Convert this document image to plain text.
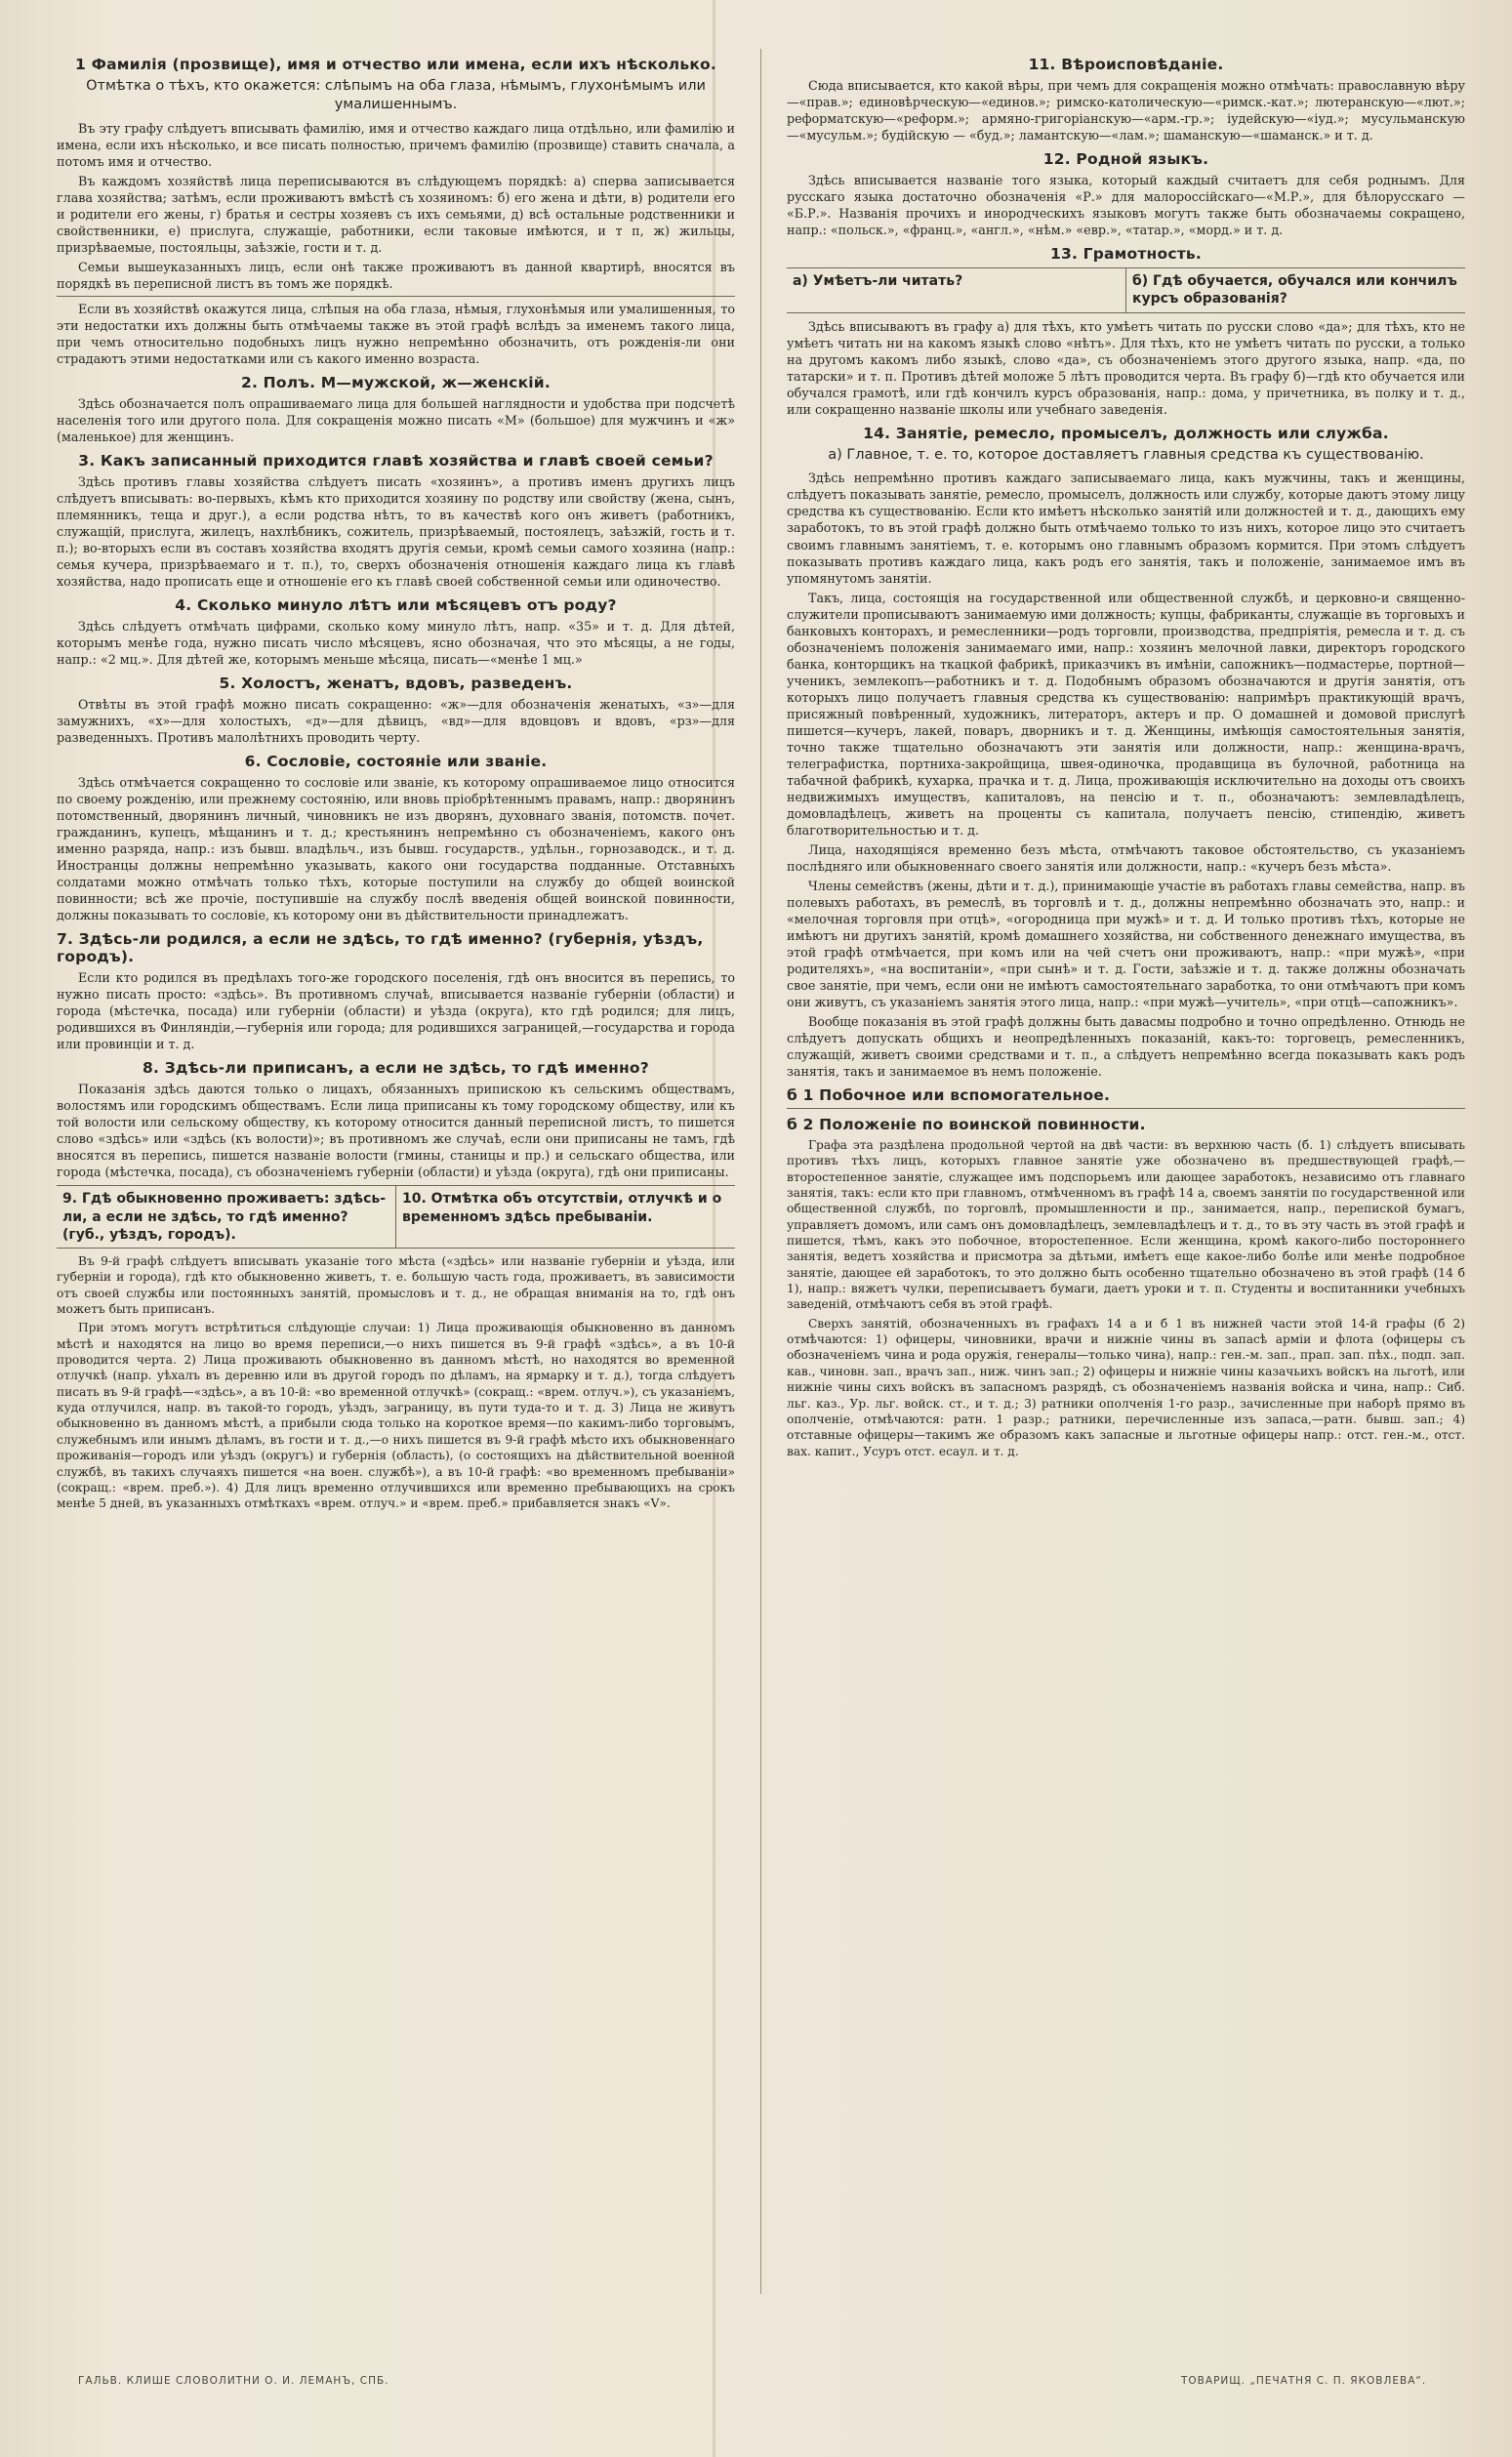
1 Фамилія (прозвище), имя и отчество или имена, если ихъ нѣсколько.
Отмѣтка о тѣхъ, кто окажется: слѣпымъ на оба глаза, нѣмымъ, глухонѣмымъ или умалишеннымъ.

Въ эту графу слѣдуетъ вписывать фамилію, имя и отчество каждаго лица отдѣльно, или фамилію и имена, если ихъ нѣсколько, и все писать полностью, причемъ фамилію (прозвище) ставить сначала, а потомъ имя и отчество.

Въ каждомъ хозяйствѣ лица переписываются въ слѣдующемъ порядкѣ: а) сперва записывается глава хозяйства; затѣмъ, если проживаютъ вмѣстѣ съ хозяиномъ: б) его жена и дѣти, в) родители его и родители его жены, г) братья и сестры хозяевъ съ ихъ семьями, д) всѣ остальные родственники и свойственники, е) прислуга, служащіе, работники, если таковые имѣются, и т п, ж) жильцы, призрѣваемые, постояльцы, заѣзжіе, гости и т. д.

Семьи вышеуказанныхъ лицъ, если онѣ также проживаютъ въ данной квартирѣ, вносятся въ порядкѣ въ переписной листъ въ томъ же порядкѣ.

Если въ хозяйствѣ окажутся лица, слѣпыя на оба глаза, нѣмыя, глухонѣмыя или умалишенныя, то эти недостатки ихъ должны быть отмѣчаемы также въ этой графѣ вслѣдъ за именемъ такого лица, при чемъ относительно подобныхъ лицъ нужно непремѣнно обозначить, отъ рожденія-ли они страдаютъ этими недостатками или съ какого именно возраста.

2. Полъ. М—мужской, ж—женскій.

Здѣсь обозначается полъ опрашиваемаго лица для большей наглядности и удобства при подсчетѣ населенія того или другого пола. Для сокращенія можно писать «М» (большое) для мужчинъ и «ж» (маленькое) для женщинъ.

3. Какъ записанный приходится главѣ хозяйства и главѣ своей семьи?

Здѣсь противъ главы хозяйства слѣдуетъ писать «хозяинъ», а противъ именъ другихъ лицъ слѣдуетъ вписывать: во-первыхъ, кѣмъ кто приходится хозяину по родству или свойству (жена, сынъ, племянникъ, теща и друг.), а если родства нѣтъ, то въ качествѣ кого онъ живетъ (работникъ, служащій, прислуга, жилецъ, нахлѣбникъ, сожитель, призрѣваемый, постоялецъ, заѣзжій, гость и т. п.); во-вторыхъ если въ составъ хозяйства входятъ другія семьи, кромѣ семьи самого хозяина (напр.: семья кучера, призрѣваемаго и т. п.), то, сверхъ обозначенія отношенія каждаго лица къ главѣ хозяйства, надо прописать еще и отношеніе его къ главѣ своей собственной семьи или одиночество.

4. Сколько минуло лѣтъ или мѣсяцевъ отъ роду?

Здѣсь слѣдуетъ отмѣчать цифрами, сколько кому минуло лѣтъ, напр. «35» и т. д. Для дѣтей, которымъ менѣе года, нужно писать число мѣсяцевъ, ясно обозначая, что это мѣсяцы, а не годы, напр.: «2 мц.». Для дѣтей же, которымъ меньше мѣсяца, писать—«менѣе 1 мц.»

5. Холостъ, женатъ, вдовъ, разведенъ.

Отвѣты въ этой графѣ можно писать сокращенно: «ж»—для обозначенія женатыхъ, «з»—для замужнихъ, «х»—для холостыхъ, «д»—для дѣвицъ, «вд»—для вдовцовъ и вдовъ, «рз»—для разведенныхъ. Противъ малолѣтнихъ проводить черту.

6. Сословіе, состояніе или званіе.

Здѣсь отмѣчается сокращенно то сословіе или званіе, къ которому опрашиваемое лицо относится по своему рожденію, или прежнему состоянію, или вновь пріобрѣтеннымъ правамъ, напр.: дворянинъ потомственный, дворянинъ личный, чиновникъ не изъ дворянъ, духовнаго званія, потомств. почет. гражданинъ, купецъ, мѣщанинъ и т. д.; крестьянинъ непремѣнно съ обозначеніемъ, какого онъ именно разряда, напр.: изъ бывш. владѣльч., изъ бывш. государств., удѣльн., горнозаводск., и т. д. Иностранцы должны непремѣнно указывать, какого они государства подданные. Отставныхъ солдатами можно отмѣчать только тѣхъ, которые поступили на службу до общей воинской повинности; всѣ же прочіе, поступившіе на службу послѣ введенія общей воинской повинности, должны показывать то сословіе, къ которому они въ дѣйствительности принадлежатъ.

7. Здѣсь-ли родился, а если не здѣсь, то гдѣ именно? (губернія, уѣздъ, городъ).

Если кто родился въ предѣлахъ того-же городского поселенія, гдѣ онъ вносится въ перепись, то нужно писать просто: «здѣсь». Въ противномъ случаѣ, вписывается названіе губерніи (области) и города (мѣстечка, посада) или губерніи (области) и уѣзда (округа), кто гдѣ родился; для лицъ, родившихся въ Финляндіи,—губернія или города; для родившихся заграницей,—государства и города или провинціи и т. д.

8. Здѣсь-ли приписанъ, а если не здѣсь, то гдѣ именно?

Показанія здѣсь даются только о лицахъ, обязанныхъ припискою къ сельскимъ обществамъ, волостямъ или городскимъ обществамъ. Если лица приписаны къ тому городскому обществу, или къ той волости или сельскому обществу, къ которому относится данный переписной листъ, то пишется слово «здѣсь» или «здѣсь (къ волости)»; въ противномъ же случаѣ, если они приписаны не тамъ, гдѣ вносятся въ перепись, пишется названіе волости (гмины, станицы и пр.) и сельскаго общества, или города (мѣстечка, посада), съ обозначеніемъ губерніи (области) и уѣзда (округа), гдѣ они приписаны.

9. Гдѣ обыкновенно проживаетъ: здѣсь-ли, а если не здѣсь, то гдѣ именно? (губ., уѣздъ, городъ).
10. Отмѣтка объ отсутствіи, отлучкѣ и о временномъ здѣсь пребываніи.

Въ 9-й графѣ слѣдуетъ вписывать указаніе того мѣста («здѣсь» или названіе губерніи и уѣзда, или губерніи и города), гдѣ кто обыкновенно живетъ, т. е. большую часть года, проживаетъ, въ зависимости отъ своей службы или постоянныхъ занятій, промысловъ и т. д., не обращая вниманія на то, гдѣ онъ можетъ быть приписанъ.

При этомъ могутъ встрѣтиться слѣдующіе случаи: 1) Лица проживающія обыкновенно въ данномъ мѣстѣ и находятся на лицо во время переписи,—о нихъ пишется въ 9-й графѣ «здѣсь», а въ 10-й проводится черта. 2) Лица проживають обыкновенно въ данномъ мѣстѣ, но находятся во временной отлучкѣ (напр. уѣхалъ въ деревню или въ другой городъ по дѣламъ, на ярмарку и т. д.), тогда слѣдуетъ писать въ 9-й графѣ—«здѣсь», а въ 10-й: «во временной отлучкѣ» (сокращ.: «врем. отлуч.»), съ указаніемъ, куда отлучился, напр. въ такой-то городъ, уѣздъ, заграницу, въ пути туда-то и т. д. 3) Лица не живутъ обыкновенно въ данномъ мѣстѣ, а прибыли сюда только на короткое время—по какимъ-либо торговымъ, служебнымъ или инымъ дѣламъ, въ гости и т. д.,—о нихъ пишется въ 9-й графѣ мѣсто ихъ обыкновеннаго проживанія—городъ или уѣздъ (округъ) и губернія (область), (о состоящихъ на дѣйствительной военной службѣ, въ такихъ случаяхъ пишется «на воен. службѣ»), а въ 10-й графѣ: «во временномъ пребываніи» (сокращ.: «врем. преб.»). 4) Для лицъ временно отлучившихся или временно пребывающихъ на срокъ менѣе 5 дней, въ указанныхъ отмѣткахъ «врем. отлуч.» и «врем. преб.» прибавляется знакъ «V».

11. Вѣроисповѣданіе.

Сюда вписывается, кто какой вѣры, при чемъ для сокращенія можно отмѣчать: православную вѣру—«прав.»; единовѣрческую—«единов.»; римско-католическую—«римск.-кат.»; лютеранскую—«лют.»; реформатскую—«реформ.»; армяно-григоріанскую—«арм.-гр.»; іудейскую—«іуд.»; мусульманскую—«мусульм.»; будійскую — «буд.»; ламантскую—«лам.»; шаманскую—«шаманск.» и т. д.

12. Родной языкъ.

Здѣсь вписывается названіе того языка, который каждый считаетъ для себя роднымъ. Для русскаго языка достаточно обозначенія «Р.» для малороссійскаго—«М.Р.», для бѣлорусскаго — «Б.Р.». Названія прочихъ и инородческихъ языковъ могутъ также быть обозначаемы сокращено, напр.: «польск.», «франц.», «англ.», «нѣм.» «евр.», «татар.», «морд.» и т. д.

13. Грамотность.
а) Умѣетъ-ли читать?	б) Гдѣ обучается, обучался или кончилъ курсъ образованія?

Здѣсь вписываютъ въ графу а) для тѣхъ, кто умѣетъ читать по русски слово «да»; для тѣхъ, кто не умѣетъ читать ни на какомъ языкѣ слово «нѣтъ». Для тѣхъ, кто не умѣетъ читать по русски, а только на другомъ какомъ либо языкѣ, слово «да», съ обозначеніемъ этого другого языка, напр. «да, по татарски» и т. п. Противъ дѣтей моложе 5 лѣтъ проводится черта. Въ графу б)—гдѣ кто обучается или обучался грамотѣ, или гдѣ кончилъ курсъ образованія, напр.: дома, у причетника, въ полку и т. д., или сокращенно названіе школы или учебнаго заведенія.

14. Занятіе, ремесло, промыселъ, должность или служба.
а) Главное, т. е. то, которое доставляетъ главныя средства къ существованію.

Здѣсь непремѣнно противъ каждаго записываемаго лица, какъ мужчины, такъ и женщины, слѣдуетъ показывать занятіе, ремесло, промыселъ, должность или службу, которые даютъ этому лицу средства къ существованію. Если кто имѣетъ нѣсколько занятій или должностей и т. д., дающихъ ему заработокъ, то въ этой графѣ должно быть отмѣчаемо только то изъ нихъ, которое лицо это считаетъ своимъ главнымъ занятіемъ, т. е. которымъ оно главнымъ образомъ кормится. При этомъ слѣдуетъ показывать противъ каждаго лица, какъ родъ его занятія, такъ и положеніе, занимаемое имъ въ упомянутомъ занятіи.

Такъ, лица, состоящія на государственной или общественной службѣ, и церковно-и священно-служители прописываютъ занимаемую ими должность; купцы, фабриканты, служащіе въ торговыхъ и банковыхъ конторахъ, и ремесленники—родъ торговли, производства, предпріятія, ремесла и т. д. съ обозначеніемъ положенія занимаемаго ими, напр.: хозяинъ мелочной лавки, директоръ городского банка, конторщикъ на ткацкой фабрикѣ, приказчикъ въ имѣніи, сапожникъ—подмастерье, портной—ученикъ, землекопъ—работникъ и т. д. Подобнымъ образомъ обозначаются и другія занятія, отъ которыхъ лицо получаетъ главныя средства къ существованію: напримѣръ практикующій врачъ, присяжный повѣренный, художникъ, литераторъ, актеръ и пр. О домашней и домовой прислугѣ пишется—кучеръ, лакей, поваръ, дворникъ и т. д. Женщины, имѣющія самостоятельныя занятія, точно также тщательно обозначаютъ эти занятія или должности, напр.: женщина-врачъ, телеграфистка, портниха-закройщица, швея-одиночка, продавщица въ булочной, работница на табачной фабрикѣ, кухарка, прачка и т. д. Лица, проживающія исключительно на доходы отъ своихъ недвижимыхъ имуществъ, капиталовъ, на пенсію и т. п., обозначаютъ: землевладѣлецъ, домовладѣлецъ, живетъ на проценты съ капитала, получаетъ пенсію, стипендію, живетъ благотворительностью и т. д.

Лица, находящіяся временно безъ мѣста, отмѣчаютъ таковое обстоятельство, съ указаніемъ послѣдняго или обыкновеннаго своего занятія или должности, напр.: «кучеръ безъ мѣста».

Члены семействъ (жены, дѣти и т. д.), принимающіе участіе въ работахъ главы семейства, напр. въ полевыхъ работахъ, въ ремеслѣ, въ торговлѣ и т. д., должны непремѣнно обозначать это, напр.: и «мелочная торговля при отцѣ», «огородница при мужѣ» и т. д. И только противъ тѣхъ, которые не имѣютъ ни другихъ занятій, кромѣ домашнего хозяйства, ни собственного денежнаго имущества, въ этой графѣ отмѣчается, при комъ или на чей счетъ они проживаютъ, напр.: «при мужѣ», «при родителяхъ», «на воспитаніи», «при сынѣ» и т. д. Гости, заѣзжіе и т. д. также должны обозначать свое занятіе, при чемъ, если они не имѣютъ самостоятельнаго заработка, то они отмѣчаютъ при комъ они живутъ, съ указаніемъ занятія этого лица, напр.: «при мужѣ—учитель», «при отцѣ—сапожникъ».

Вообще показанія въ этой графѣ должны быть давасмы подробно и точно опредѣленно. Отнюдь не слѣдуетъ допускать общихъ и неопредѣленныхъ показаній, какъ-то: торговецъ, ремесленникъ, служащій, живетъ своими средствами и т. п., а слѣдуетъ непремѣнно всегда показывать какъ родъ занятія, такъ и занимаемое въ немъ положеніе.

б 1 Побочное или вспомогательное.
б 2 Положеніе по воинской повинности.

Графа эта раздѣлена продольной чертой на двѣ части: въ верхнюю часть (б. 1) слѣдуетъ вписывать противъ тѣхъ лицъ, которыхъ главное занятіе уже обозначено въ предшествующей графѣ,—второстепенное занятіе, служащее имъ подспорьемъ или дающее заработокъ, независимо отъ главнаго занятія, такъ: если кто при главномъ, отмѣченномъ въ графѣ 14 а, своемъ занятіи по государственной или общественной службѣ, по торговлѣ, промышленности и пр., занимается, напр., перепиской бумагъ, управляетъ домомъ, или самъ онъ домовладѣлецъ, землевладѣлецъ и т. д., то въ эту часть въ этой графѣ и пишется, тѣмъ, какъ это побочное, второстепенное. Если женщина, кромѣ какого-либо постороннего занятія, ведетъ хозяйства и присмотра за дѣтьми, имѣетъ еще какое-либо болѣе или менѣе подробное занятіе, дающее ей заработокъ, то это должно быть особенно тщательно обозначено въ этой графѣ (14 б 1), напр.: вяжетъ чулки, переписываетъ бумаги, даетъ уроки и т. п. Студенты и воспитанники учебныхъ заведеній, отмѣчаютъ себя въ этой графѣ.

Сверхъ занятій, обозначенныхъ въ графахъ 14 а и б 1 въ нижней части этой 14-й графы (б 2) отмѣчаются: 1) офицеры, чиновники, врачи и нижніе чины въ запасѣ арміи и флота (офицеры съ обозначеніемъ чина и рода оружія, генералы—только чина), напр.: ген.-м. зап., прап. зап. пѣх., подп. зап. кав., чиновн. зап., врачъ зап., ниж. чинъ зап.; 2) офицеры и нижніе чины казачьихъ войскъ на льготѣ, или нижніе чины сихъ войскъ въ запасномъ разрядѣ, съ обозначеніемъ названія войска и чина, напр.: Сиб. льг. каз., Ур. льг. войск. ст., и т. д.; 3) ратники ополченія 1-го разр., зачисленные при наборѣ прямо въ ополченіе, отмѣчаются: ратн. 1 разр.; ратники, перечисленные изъ запаса,—ратн. бывш. зап.; 4) отставные офицеры—такимъ же образомъ какъ запасные и льготные офицеры напр.: отст. ген.-м., отст. вах. капит., Усуръ отст. есаул. и т. д.

ГАЛЬВ. КЛИШЕ СЛОВОЛИТНИ О. И. ЛЕМАНЪ, СПБ.	ТОВАРИЩ. „ПЕЧАТНЯ С. П. ЯКОВЛЕВА“.
